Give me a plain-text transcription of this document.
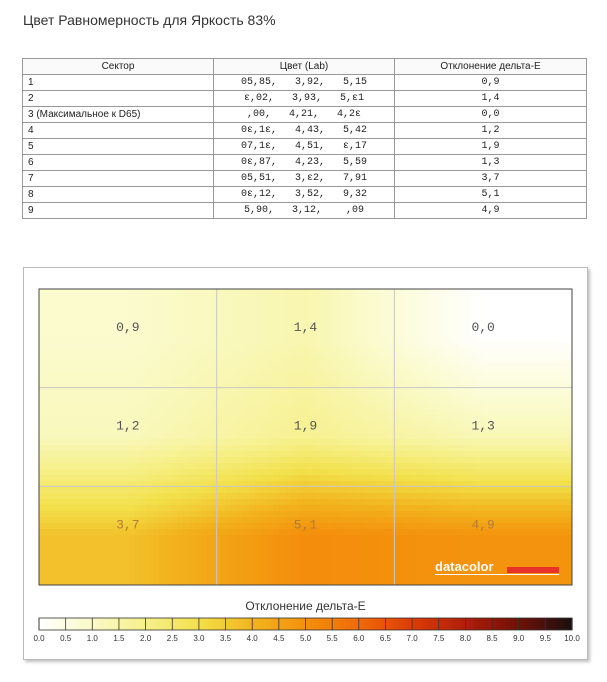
Цвет Равномерность для Яркость 83%
Сектор	Цвет (Lab)	Отклонение дельта-E
1	05,85,   3,92,   5,15	0,9
2	ɛ,02,   3,93,   5,ɛ1	1,4
3 (Максимальное к D65)	,00,   4,21,   4,2ɛ	0,0
4	0ɛ,1ɛ,   4,43,   5,42	1,2
5	07,1ɛ,   4,51,   ɛ,17	1,9
6	0ɛ,87,   4,23,   5,59	1,3
7	05,51,   3,ɛ2,   7,91	3,7
8	0ɛ,12,   3,52,   9,32	5,1
9	5,90,   3,12,    ,09	4,9
0,9	1,4	0,0
1,2	1,9	1,3
3,7	5,1	4,9
datacolor
Отклонение дельта-E
0.0 0.5 1.0 1.5 2.0 2.5 3.0 3.5 4.0 4.5 5.0 5.5 6.0 6.5 7.0 7.5 8.0 8.5 9.0 9.5 10.0
